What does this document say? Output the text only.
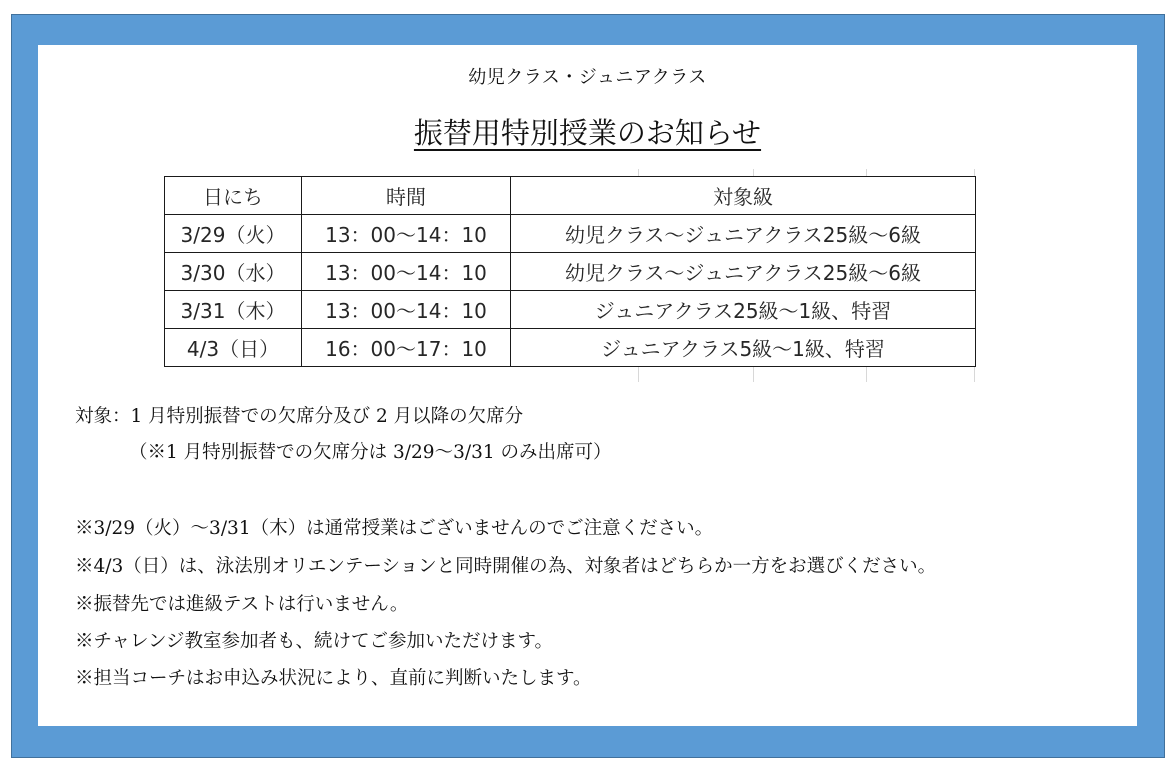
幼児クラス・ジュニアクラス
振替用特別授業のお知らせ
日にち	時間	対象級
3/29（火）	13：00～14：10	幼児クラス～ジュニアクラス25級～6級
3/30（水）	13：00～14：10	幼児クラス～ジュニアクラス25級～6級
3/31（木）	13：00～14：10	ジュニアクラス25級～1級、特習
4/3（日）	16：00～17：10	ジュニアクラス5級～1級、特習
対象：1 月特別振替での欠席分及び 2 月以降の欠席分
（※1 月特別振替での欠席分は 3/29～3/31 のみ出席可）
※3/29（火）～3/31（木）は通常授業はございませんのでご注意ください。
※4/3（日）は、泳法別オリエンテーションと同時開催の為、対象者はどちらか一方をお選びください。
※振替先では進級テストは行いません。
※チャレンジ教室参加者も、続けてご参加いただけます。
※担当コーチはお申込み状況により、直前に判断いたします。
